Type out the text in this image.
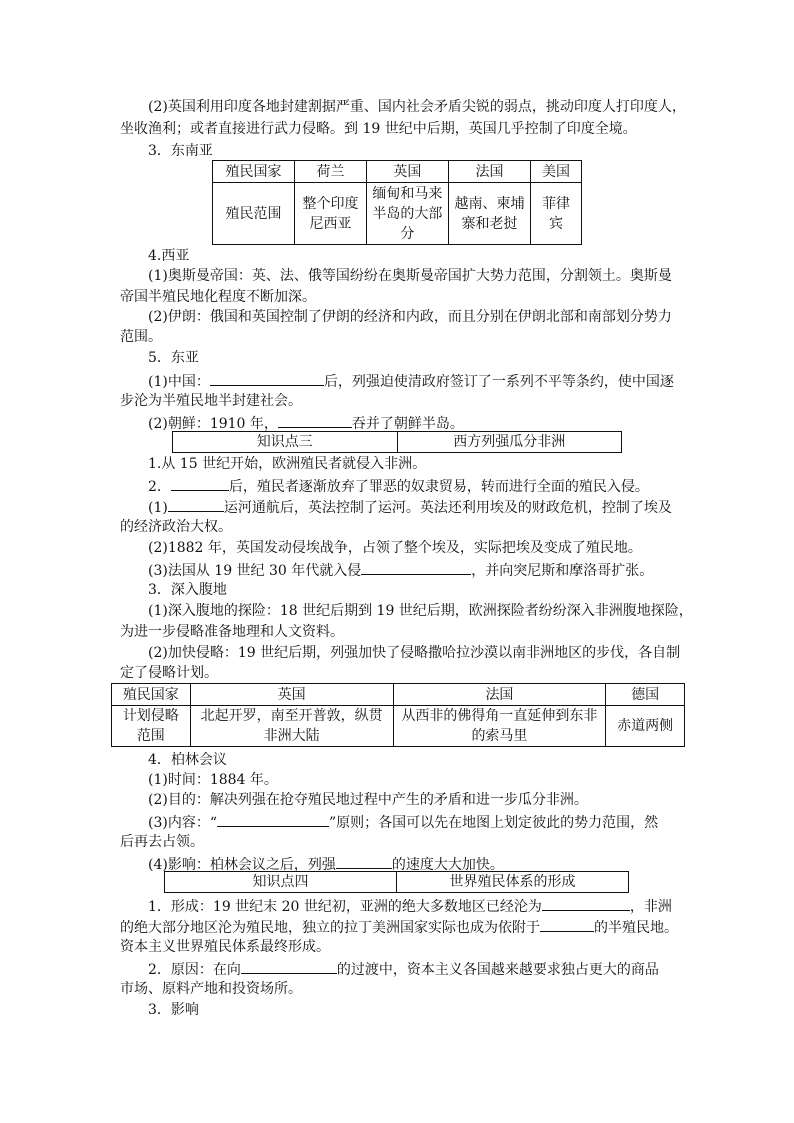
(2)英国利用印度各地封建割据严重、国内社会矛盾尖锐的弱点，挑动印度人打印度人，
坐收渔利；或者直接进行武力侵略。到 19 世纪中后期，英国几乎控制了印度全境。
3．东南亚
殖民国家	荷兰	英国	法国	美国
殖民范围	整个印度尼西亚	缅甸和马来半岛的大部分	越南、柬埔寨和老挝	菲律宾
4.西亚
(1)奥斯曼帝国：英、法、俄等国纷纷在奥斯曼帝国扩大势力范围，分割领土。奥斯曼
帝国半殖民地化程度不断加深。
(2)伊朗：俄国和英国控制了伊朗的经济和内政，而且分别在伊朗北部和南部划分势力
范围。
5．东亚
(1)中国：	后，列强迫使清政府签订了一系列不平等条约，使中国逐
步沦为半殖民地半封建社会。
(2)朝鲜：1910 年，	吞并了朝鲜半岛。
知识点三	西方列强瓜分非洲
1.从 15 世纪开始，欧洲殖民者就侵入非洲。
2．	后，殖民者逐渐放弃了罪恶的奴隶贸易，转而进行全面的殖民入侵。
(1)	运河通航后，英法控制了运河。英法还利用埃及的财政危机，控制了埃及
的经济政治大权。
(2)1882 年，英国发动侵埃战争，占领了整个埃及，实际把埃及变成了殖民地。
(3)法国从 19 世纪 30 年代就入侵	，并向突尼斯和摩洛哥扩张。
3．深入腹地
(1)深入腹地的探险：18 世纪后期到 19 世纪后期，欧洲探险者纷纷深入非洲腹地探险，
为进一步侵略准备地理和人文资料。
(2)加快侵略：19 世纪后期，列强加快了侵略撒哈拉沙漠以南非洲地区的步伐，各自制
定了侵略计划。
殖民国家	英国	法国	德国
计划侵略范围	北起开罗，南至开普敦，纵贯非洲大陆	从西非的佛得角一直延伸到东非的索马里	赤道两侧
4．柏林会议
(1)时间：1884 年。
(2)目的：解决列强在抢夺殖民地过程中产生的矛盾和进一步瓜分非洲。
(3)内容：“	”原则；各国可以先在地图上划定彼此的势力范围，然
后再去占领。
(4)影响：柏林会议之后，列强	的速度大大加快。
知识点四	世界殖民体系的形成
1．形成：19 世纪末 20 世纪初，亚洲的绝大多数地区已经沦为	，非洲
的绝大部分地区沦为殖民地，独立的拉丁美洲国家实际也成为依附于	的半殖民地。
资本主义世界殖民体系最终形成。
2．原因：在向	的过渡中，资本主义各国越来越要求独占更大的商品
市场、原料产地和投资场所。
3．影响
